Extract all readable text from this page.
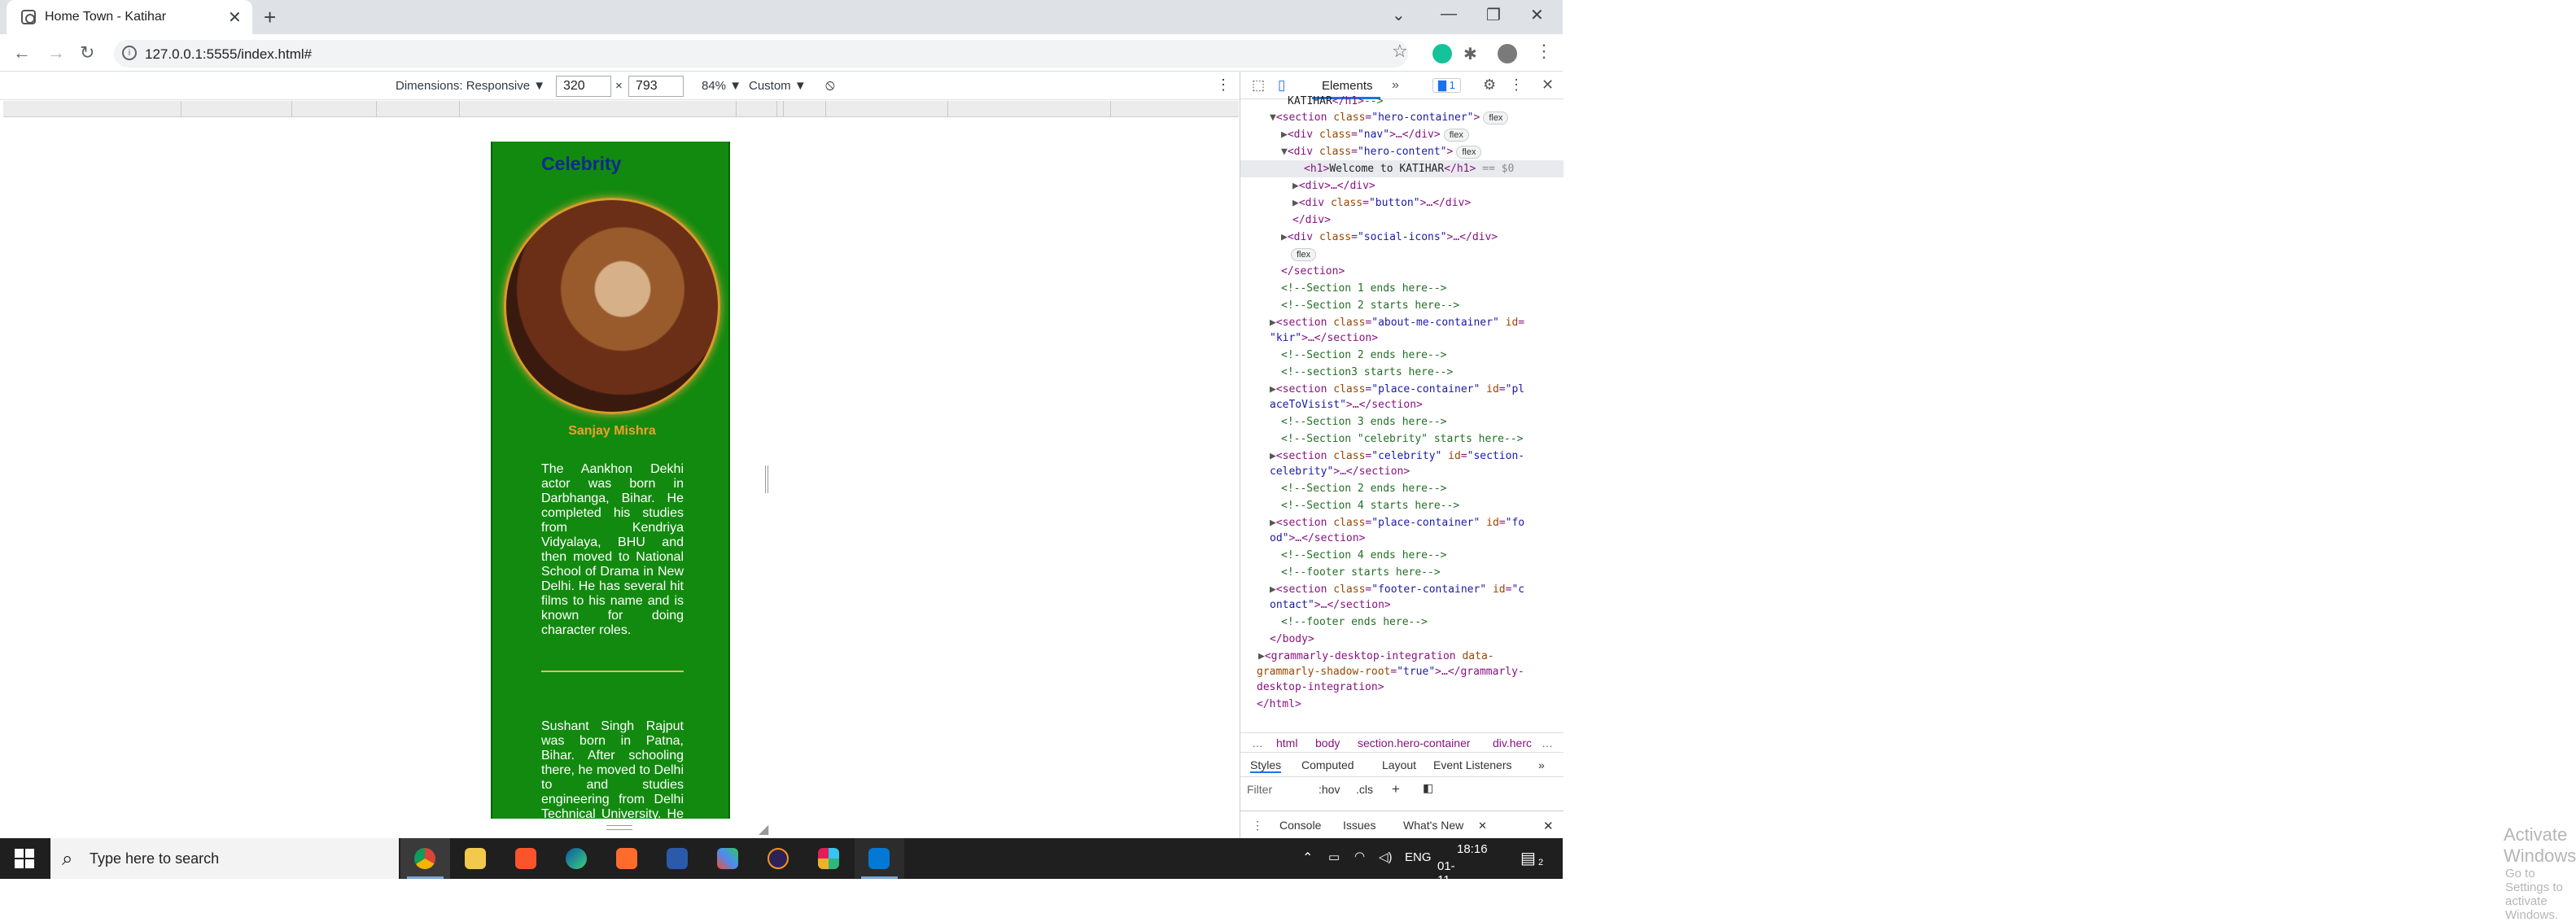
Home Town - Katihar	✕ +	⌄ — ❐ ✕
← → ↻	i	127.0.0.1:5555/index.html#	☆	✱	⋮
Dimensions: Responsive ▼
320	×
793	84% ▼ Custom ▼ ⦸	⋮
Celebrity
Sanjay Mishra

The Aankhon Dekhi actor was born in Darbhanga, Bihar. He completed his studies from Kendriya Vidyalaya, BHU and then moved to National School of Drama in New Delhi. He has several hit films to his name and is known for doing character roles.

Sushant Singh Rajput was born in Patna, Bihar. After schooling there, he moved to Delhi to and studies engineering from Delhi Technical University. He left	◢
⬚ ▯	Elements »	▇ 1	⚙ ⋮ ✕
KATIHAR</h1>-->
▼<section class="hero-container"> flex
▶<div class="nav">…</div> flex
▼<div class="hero-content"> flex
<h1>Welcome to KATIHAR</h1> == $0
▶<div>…</div>
▶<div class="button">…</div>
</div>
▶<div class="social-icons">…</div>
flex
</section>
<!--Section 1 ends here-->
<!--Section 2 starts here-->
▶<section class="about-me-container" id=
"kir">…</section>
<!--Section 2 ends here-->
<!--section3 starts here-->
▶<section class="place-container" id="pl
aceToVisist">…</section>
<!--Section 3 ends here-->
<!--Section "celebrity" starts here-->
▶<section class="celebrity" id="section-
celebrity">…</section>
<!--Section 2 ends here-->
<!--Section 4 starts here-->
▶<section class="place-container" id="fo
od">…</section>
<!--Section 4 ends here-->
<!--footer starts here-->
▶<section class="footer-container" id="c
ontact">…</section>
<!--footer ends here-->
</body>
▶<grammarly-desktop-integration data-
grammarly-shadow-root="true">…</grammarly-
desktop-integration>
</html>
… html body section.hero-container div.herc …
Styles Computed Layout Event Listeners »
Filter	:hov .cls + ◧
Activate Windows
Go to Settings to activate Windows.
⋮ Console Issues What's New ✕	✕
⌕ Type here to search	⌃ ▭ ◠ ◁) ENG
18:16
01-11-2021
▤ 2
